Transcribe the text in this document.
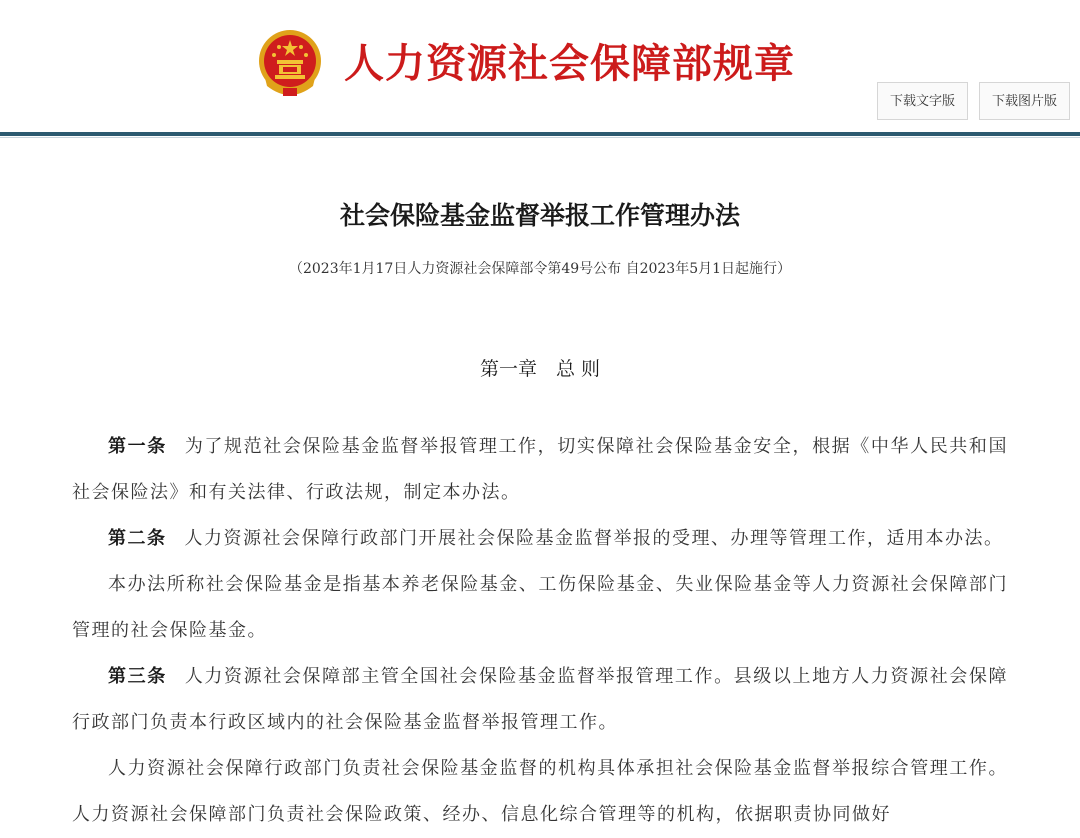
人力资源社会保障部规章
下载文字版	下载图片版
社会保险基金监督举报工作管理办法
（2023年1月17日人力资源社会保障部令第49号公布 自2023年5月1日起施行）
第一章　总 则

第一条 为了规范社会保险基金监督举报管理工作，切实保障社会保险基金安全，根据《中华人民共和国社会保险法》和有关法律、行政法规，制定本办法。

第二条 人力资源社会保障行政部门开展社会保险基金监督举报的受理、办理等管理工作，适用本办法。

本办法所称社会保险基金是指基本养老保险基金、工伤保险基金、失业保险基金等人力资源社会保障部门管理的社会保险基金。

第三条 人力资源社会保障部主管全国社会保险基金监督举报管理工作。县级以上地方人力资源社会保障行政部门负责本行政区域内的社会保险基金监督举报管理工作。

人力资源社会保障行政部门负责社会保险基金监督的机构具体承担社会保险基金监督举报综合管理工作。人力资源社会保障部门负责社会保险政策、经办、信息化综合管理等的机构，依据职责协同做好
